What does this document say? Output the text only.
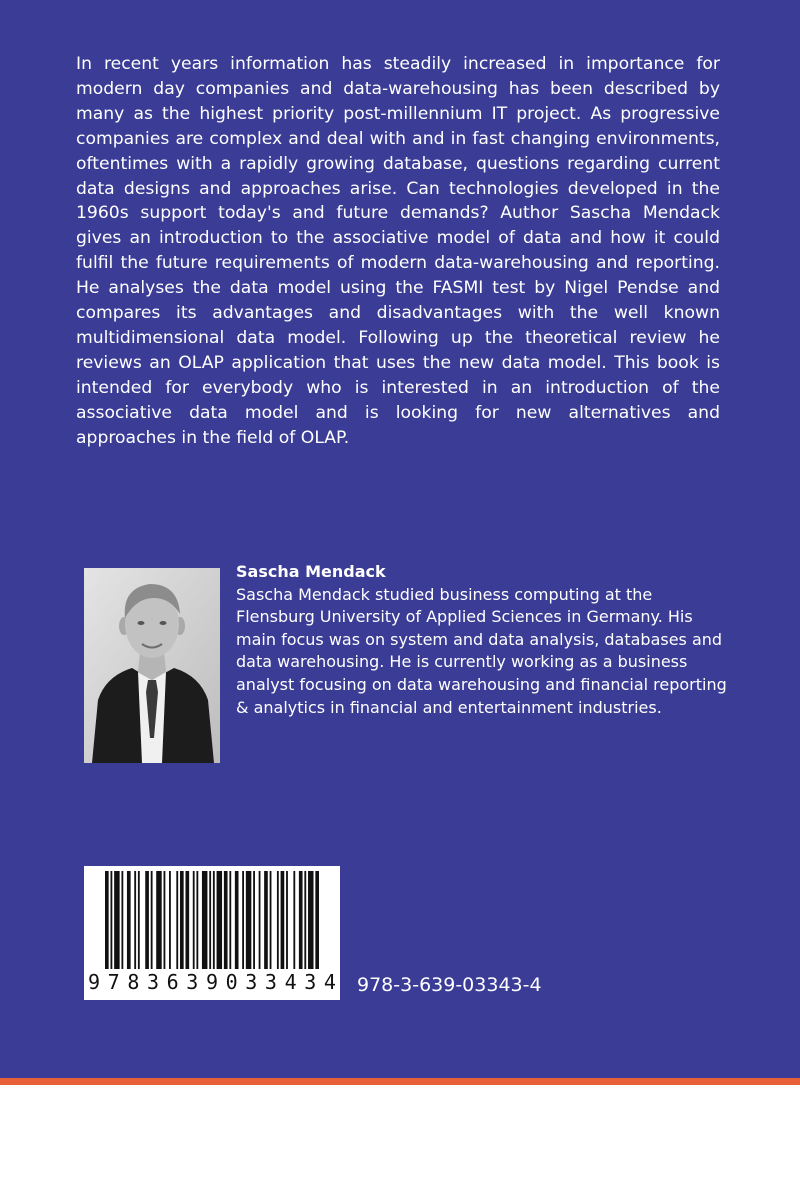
In recent years information has steadily increased in importance for modern day companies and data-warehousing has been described by many as the highest priority post-millennium IT project. As progressive companies are complex and deal with and in fast changing environments, oftentimes with a rapidly growing database, questions regarding current data designs and approaches arise. Can technologies developed in the 1960s support today's and future demands? Author Sascha Mendack gives an introduction to the associative model of data and how it could fulfil the future requirements of modern data-warehousing and reporting. He analyses the data model using the FASMI test by Nigel Pendse and compares its advantages and disadvantages with the well known multidimensional data model. Following up the theoretical review he reviews an OLAP application that uses the new data model. This book is intended for everybody who is interested in an introduction of the associative data model and is looking for new alternatives and approaches in the field of OLAP.

Sascha Mendack
Sascha Mendack studied business computing at the Flensburg University of Applied Sciences in Germany. His main focus was on system and data analysis, databases and data warehousing. He is currently working as a business analyst focusing on data warehousing and financial reporting & analytics in financial and entertainment industries.
9 7 8 3 6 3 9 0 3 3 4 3 4 978-3-639-03343-4
